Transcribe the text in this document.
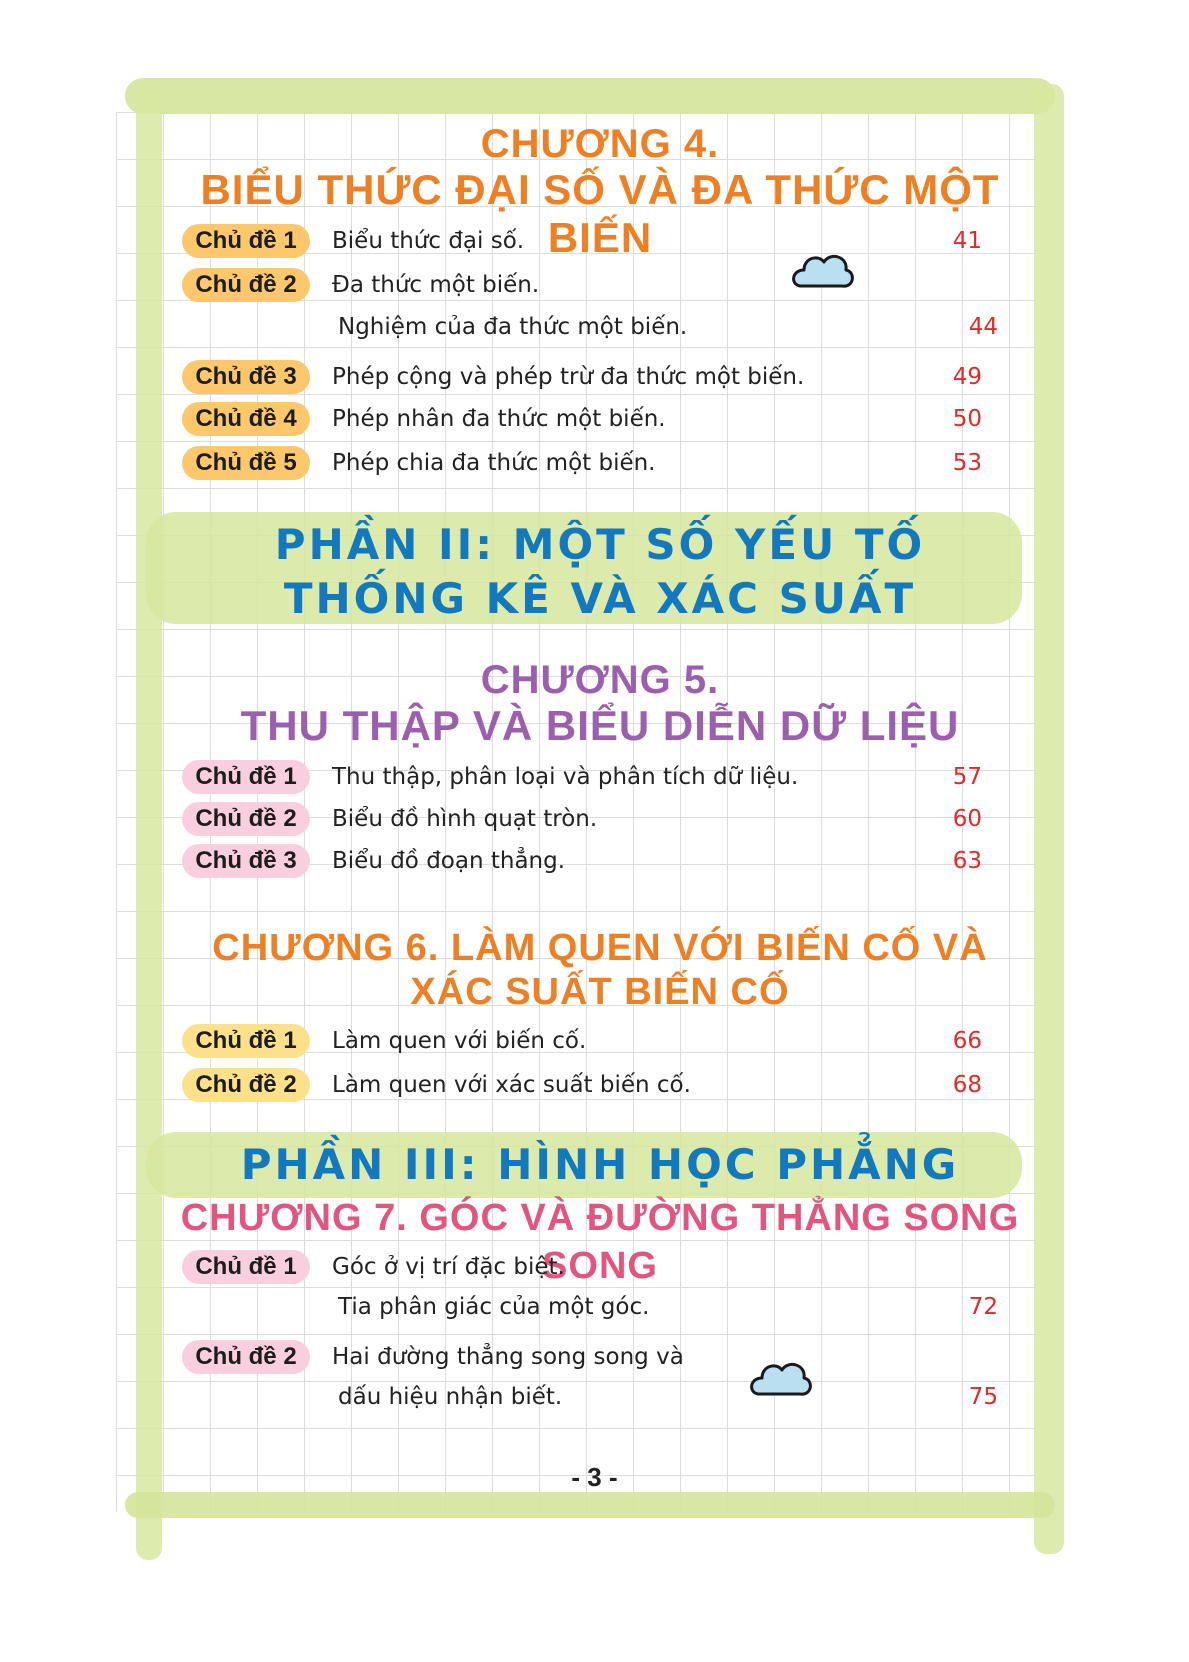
CHƯƠNG 4.
BIỂU THỨC ĐẠI SỐ VÀ ĐA THỨC MỘT BIẾN
Chủ đề 1	Biểu thức đại số.	41
Chủ đề 2	Đa thức một biến.
Nghiệm của đa thức một biến.	44
Chủ đề 3	Phép cộng và phép trừ đa thức một biến.	49
Chủ đề 4	Phép nhân đa thức một biến.	50
Chủ đề 5	Phép chia đa thức một biến.	53
PHẦN II: MỘT SỐ YẾU TỐ
THỐNG KÊ VÀ XÁC SUẤT
CHƯƠNG 5.
THU THẬP VÀ BIỂU DIỄN DỮ LIỆU
Chủ đề 1	Thu thập, phân loại và phân tích dữ liệu.	57
Chủ đề 2	Biểu đồ hình quạt tròn.	60
Chủ đề 3	Biểu đồ đoạn thẳng.	63
CHƯƠNG 6. LÀM QUEN VỚI BIẾN CỐ VÀ
XÁC SUẤT BIẾN CỐ
Chủ đề 1	Làm quen với biến cố.	66
Chủ đề 2	Làm quen với xác suất biến cố.	68
PHẦN III: HÌNH HỌC PHẲNG
CHƯƠNG 7. GÓC VÀ ĐƯỜNG THẲNG SONG SONG
Chủ đề 1	Góc ở vị trí đặc biệt.
Tia phân giác của một góc.	72
Chủ đề 2	Hai đường thẳng song song và
dấu hiệu nhận biết.	75
- 3 -
